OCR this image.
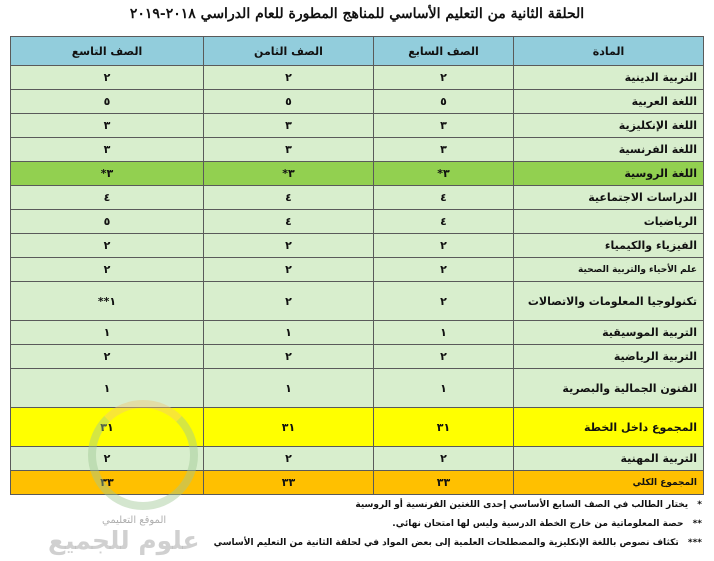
الحلقة الثانية من التعليم الأساسي للمناهج المطورة للعام الدراسي ٢٠١٨-٢٠١٩
المادة	الصف السابع	الصف الثامن	الصف التاسع
التربية الدينية	٢	٢	٢
اللغة العربية	٥	٥	٥
اللغة الإنكليزية	٣	٣	٣
اللغة الفرنسية	٣	٣	٣
اللغة الروسية	٣*	٣*	٣*
الدراسات الاجتماعية	٤	٤	٤
الرياضيات	٤	٤	٥
الفيزياء والكيمياء	٢	٢	٢
علم الأحياء والتربية الصحية	٢	٢	٢
تكنولوجيا المعلومات والاتصالات	٢	٢	١**
التربية الموسيقية	١	١	١
التربية الرياضية	٢	٢	٢
الفنون الجمالية والبصرية	١	١	١
المجموع داخل الخطة	٣١	٣١	٣١
التربية المهنية	٢	٢	٢
المجموع الكلي	٣٣	٣٣	٣٣
* يختار الطالب في الصف السابع الأساسي إحدى اللغتين الفرنسية أو الروسية
** حصة المعلوماتية من خارج الخطة الدرسية وليس لها امتحان نهائي.
*** تكثاف نصوص باللغة الإنكليزية والمصطلحات العلمية إلى بعض المواد في لحلقة الثانية من التعليم الأساسي
الموقع التعليمي
علوم للجميع
